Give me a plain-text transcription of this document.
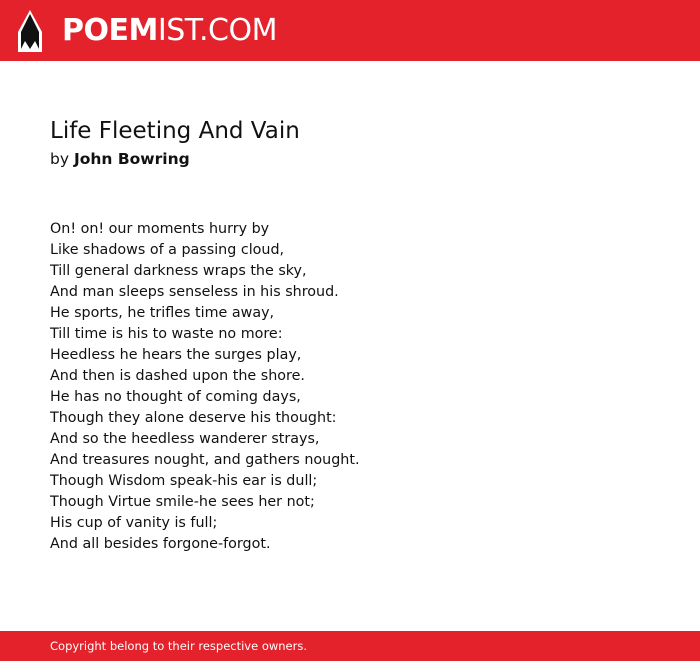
POEMIST.COM
Life Fleeting And Vain
by John Bowring
On! on! our moments hurry by
Like shadows of a passing cloud,
Till general darkness wraps the sky,
And man sleeps senseless in his shroud.
He sports, he trifles time away,
Till time is his to waste no more:
Heedless he hears the surges play,
And then is dashed upon the shore.
He has no thought of coming days,
Though they alone deserve his thought:
And so the heedless wanderer strays,
And treasures nought, and gathers nought.
Though Wisdom speak-his ear is dull;
Though Virtue smile-he sees her not;
His cup of vanity is full;
And all besides forgone-forgot.
Copyright belong to their respective owners.
